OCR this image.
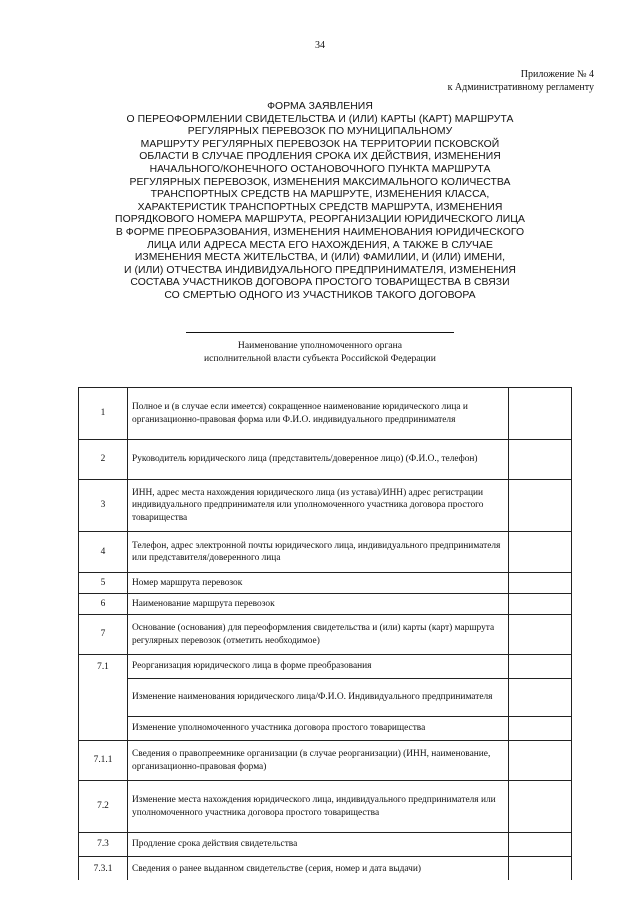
34
Приложение № 4
к Административному регламенту
ФОРМА ЗАЯВЛЕНИЯ
О ПЕРЕОФОРМЛЕНИИ СВИДЕТЕЛЬСТВА И (ИЛИ) КАРТЫ (КАРТ) МАРШРУТА
РЕГУЛЯРНЫХ ПЕРЕВОЗОК ПО МУНИЦИПАЛЬНОМУ
МАРШРУТУ РЕГУЛЯРНЫХ ПЕРЕВОЗОК НА ТЕРРИТОРИИ ПСКОВСКОЙ
ОБЛАСТИ В СЛУЧАЕ ПРОДЛЕНИЯ СРОКА ИХ ДЕЙСТВИЯ, ИЗМЕНЕНИЯ
НАЧАЛЬНОГО/КОНЕЧНОГО ОСТАНОВОЧНОГО ПУНКТА МАРШРУТА
РЕГУЛЯРНЫХ ПЕРЕВОЗОК, ИЗМЕНЕНИЯ МАКСИМАЛЬНОГО КОЛИЧЕСТВА
ТРАНСПОРТНЫХ СРЕДСТВ НА МАРШРУТЕ, ИЗМЕНЕНИЯ КЛАССА,
ХАРАКТЕРИСТИК ТРАНСПОРТНЫХ СРЕДСТВ МАРШРУТА, ИЗМЕНЕНИЯ
ПОРЯДКОВОГО НОМЕРА МАРШРУТА, РЕОРГАНИЗАЦИИ ЮРИДИЧЕСКОГО ЛИЦА
В ФОРМЕ ПРЕОБРАЗОВАНИЯ, ИЗМЕНЕНИЯ НАИМЕНОВАНИЯ ЮРИДИЧЕСКОГО
ЛИЦА ИЛИ АДРЕСА МЕСТА ЕГО НАХОЖДЕНИЯ, А ТАКЖЕ В СЛУЧАЕ
ИЗМЕНЕНИЯ МЕСТА ЖИТЕЛЬСТВА, И (ИЛИ) ФАМИЛИИ, И (ИЛИ) ИМЕНИ,
И (ИЛИ) ОТЧЕСТВА ИНДИВИДУАЛЬНОГО ПРЕДПРИНИМАТЕЛЯ, ИЗМЕНЕНИЯ
СОСТАВА УЧАСТНИКОВ ДОГОВОРА ПРОСТОГО ТОВАРИЩЕСТВА В СВЯЗИ
СО СМЕРТЬЮ ОДНОГО ИЗ УЧАСТНИКОВ ТАКОГО ДОГОВОРА
Наименование уполномоченного органа
исполнительной власти субъекта Российской Федерации
1	Полное и (в случае если имеется) сокращенное наименование юридического лица и организационно-правовая форма или Ф.И.О. индивидуального предпринимателя	
2	Руководитель юридического лица (представитель/доверенное лицо) (Ф.И.О., телефон)	
3	ИНН, адрес места нахождения юридического лица (из устава)/ИНН) адрес регистрации индивидуального предпринимателя или уполномоченного участника договора простого товарищества	
4	Телефон, адрес электронной почты юридического лица, индивидуального предпринимателя или представителя/доверенного лица	
5	Номер маршрута перевозок	
6	Наименование маршрута перевозок	
7	Основание (основания) для переоформления свидетельства и (или) карты (карт) маршрута регулярных перевозок (отметить необходимое)	
7.1	Реорганизация юридического лица в форме преобразования	
	Изменение наименования юридического лица/Ф.И.О. Индивидуального предпринимателя	
	Изменение уполномоченного участника договора простого товарищества	
7.1.1	Сведения о правопреемнике организации (в случае реорганизации) (ИНН, наименование, организационно-правовая форма)	
7.2	Изменение места нахождения юридического лица, индивидуального предпринимателя или уполномоченного участника договора простого товарищества	
7.3	Продление срока действия свидетельства	
7.3.1	Сведения о ранее выданном свидетельстве (серия, номер и дата выдачи)	
